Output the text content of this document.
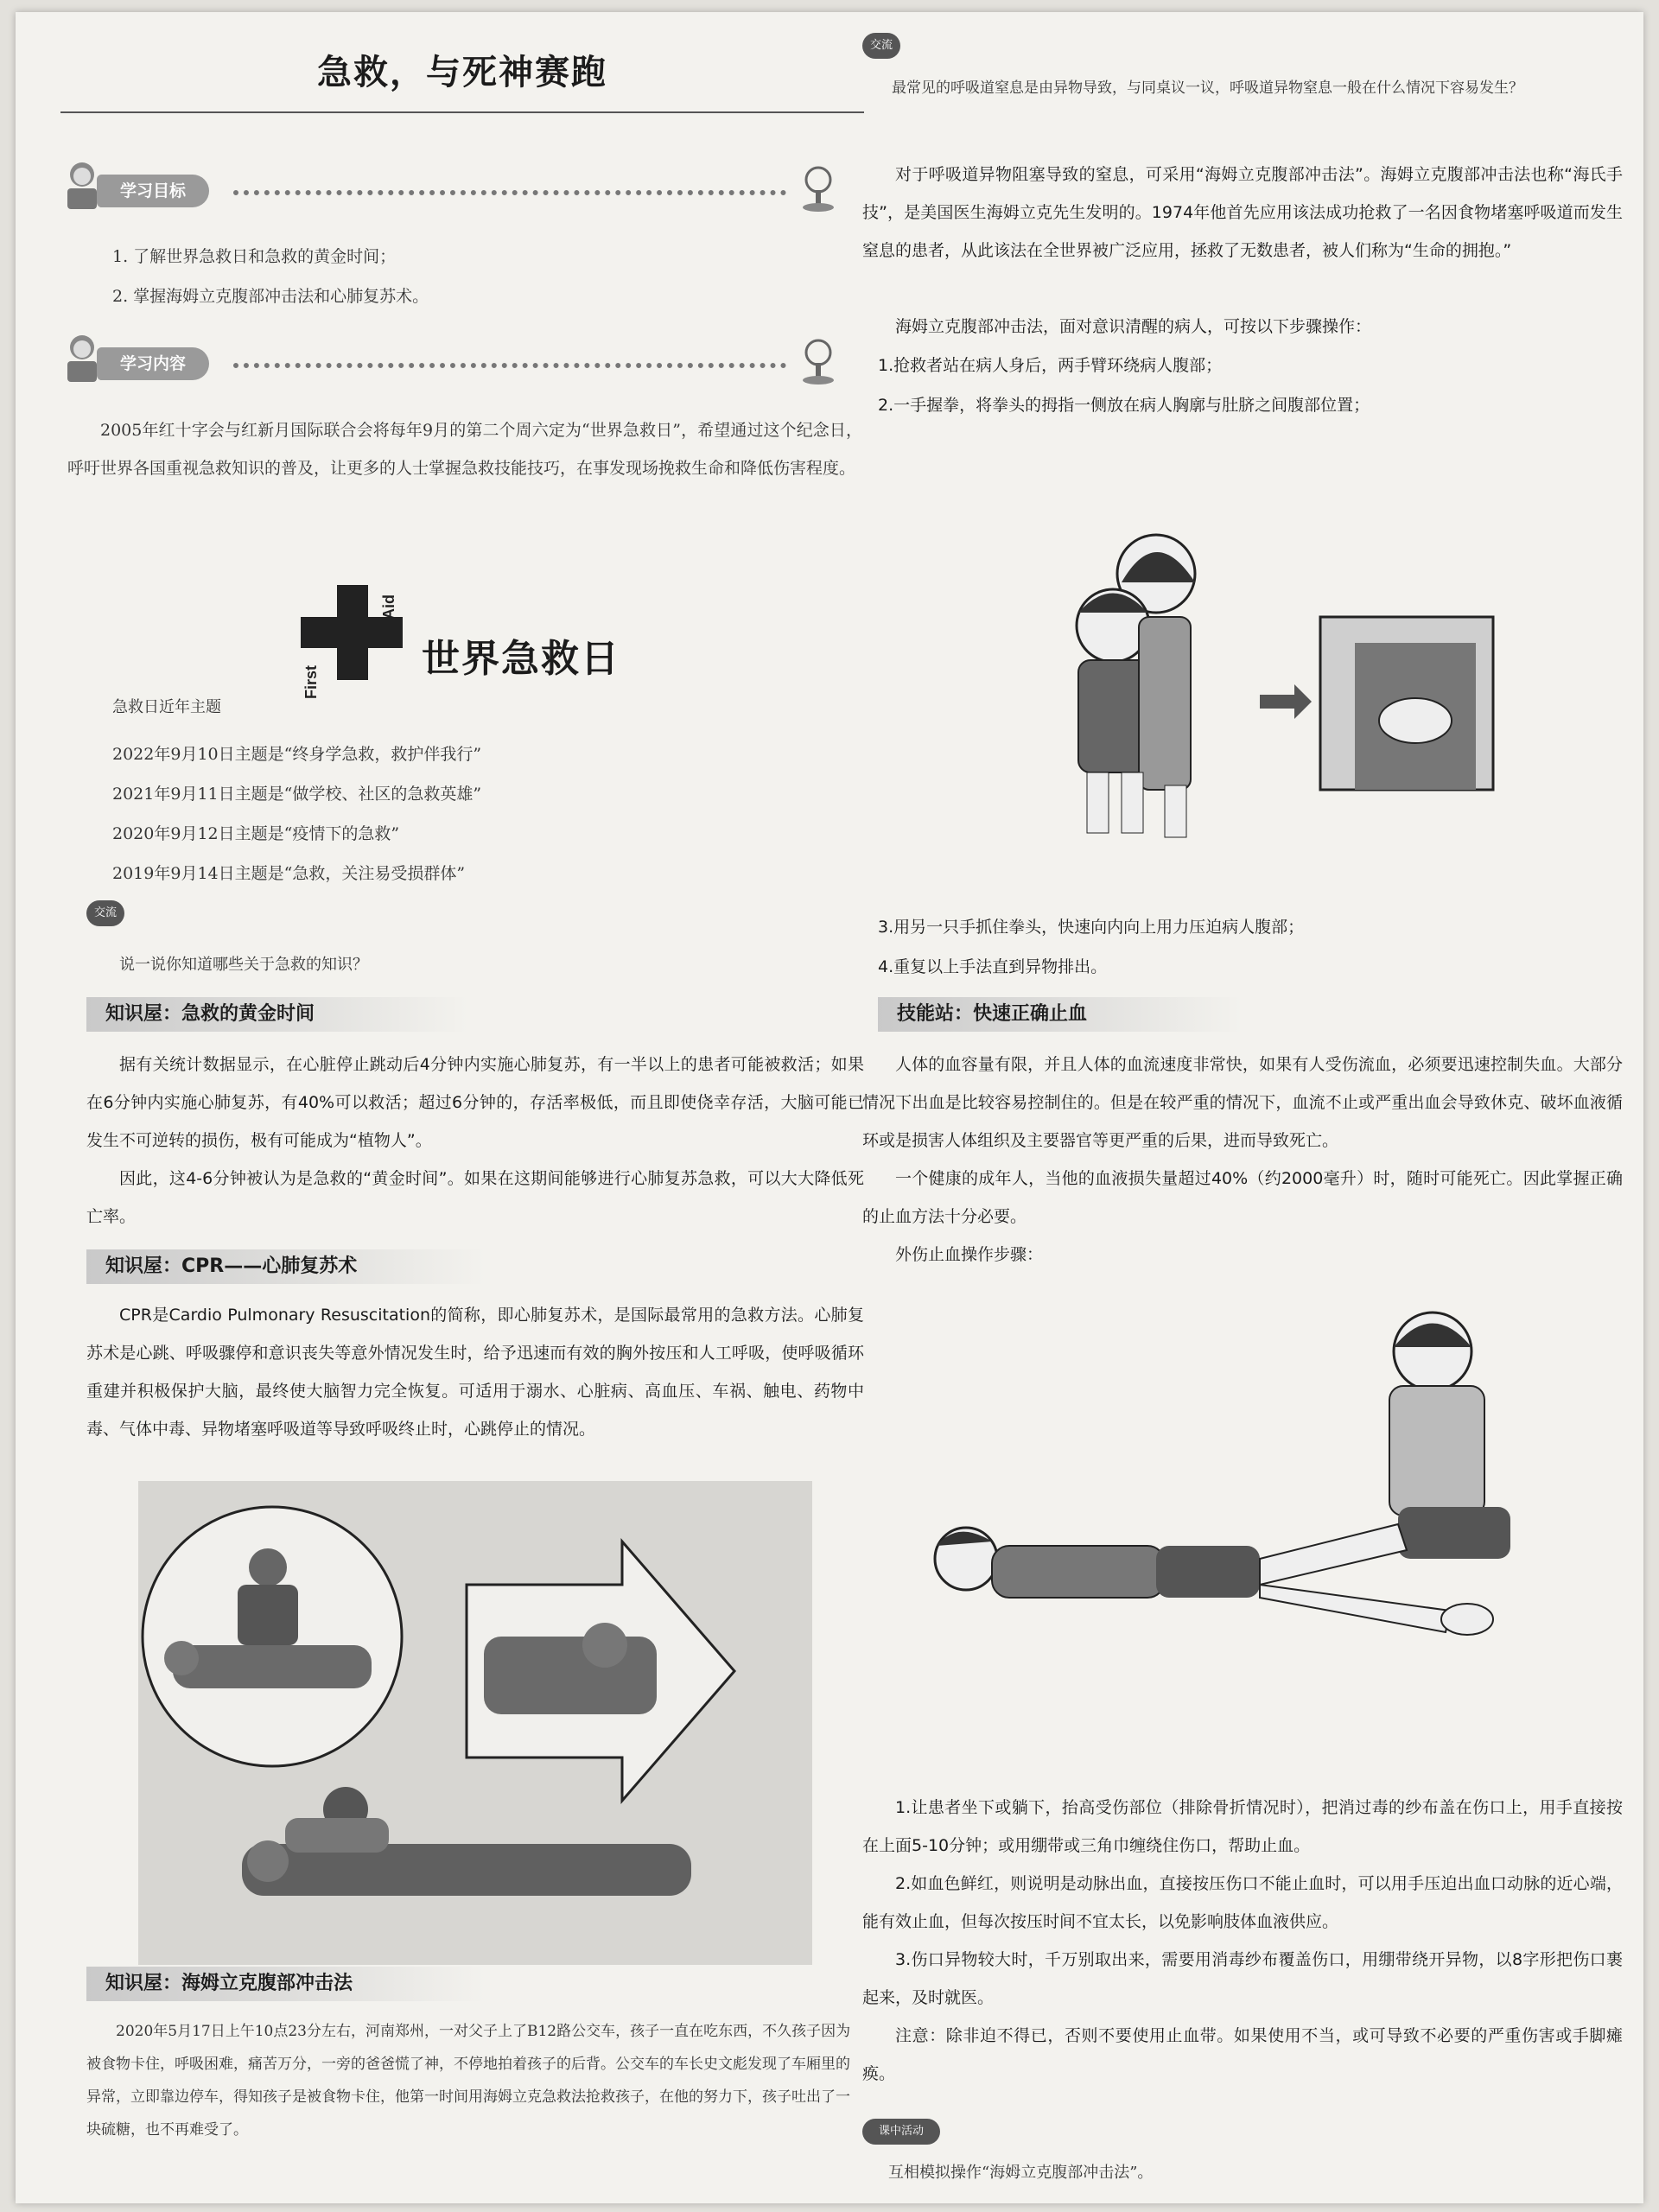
急救，与死神赛跑
学习目标
1. 了解世界急救日和急救的黄金时间；
2. 掌握海姆立克腹部冲击法和心肺复苏术。
学习内容
2005年红十字会与红新月国际联合会将每年9月的第二个周六定为“世界急救日”，希望通过这个纪念日，呼吁世界各国重视急救知识的普及，让更多的人士掌握急救技能技巧，在事发现场挽救生命和降低伤害程度。
First
Aid
世界急救日
急救日近年主题
2022年9月10日主题是“终身学急救，救护伴我行”
2021年9月11日主题是“做学校、社区的急救英雄”
2020年9月12日主题是“疫情下的急救”
2019年9月14日主题是“急救，关注易受损群体”
交流
说一说你知道哪些关于急救的知识？
知识屋：急救的黄金时间
据有关统计数据显示，在心脏停止跳动后4分钟内实施心肺复苏，有一半以上的患者可能被救活；如果在6分钟内实施心肺复苏，有40%可以救活；超过6分钟的，存活率极低，而且即使侥幸存活，大脑可能已发生不可逆转的损伤，极有可能成为“植物人”。
因此，这4-6分钟被认为是急救的“黄金时间”。如果在这期间能够进行心肺复苏急救，可以大大降低死亡率。
知识屋：CPR——心肺复苏术
CPR是Cardio Pulmonary Resuscitation的简称，即心肺复苏术，是国际最常用的急救方法。心肺复苏术是心跳、呼吸骤停和意识丧失等意外情况发生时，给予迅速而有效的胸外按压和人工呼吸，使呼吸循环重建并积极保护大脑，最终使大脑智力完全恢复。可适用于溺水、心脏病、高血压、车祸、触电、药物中毒、气体中毒、异物堵塞呼吸道等导致呼吸终止时，心跳停止的情况。
知识屋：海姆立克腹部冲击法
2020年5月17日上午10点23分左右，河南郑州，一对父子上了B12路公交车，孩子一直在吃东西，不久孩子因为被食物卡住，呼吸困难，痛苦万分，一旁的爸爸慌了神，不停地拍着孩子的后背。公交车的车长史文彪发现了车厢里的异常，立即靠边停车，得知孩子是被食物卡住，他第一时间用海姆立克急救法抢救孩子，在他的努力下，孩子吐出了一块硫糖，也不再难受了。
交流
最常见的呼吸道窒息是由异物导致，与同桌议一议，呼吸道异物窒息一般在什么情况下容易发生？
对于呼吸道异物阻塞导致的窒息，可采用“海姆立克腹部冲击法”。海姆立克腹部冲击法也称“海氏手技”，是美国医生海姆立克先生发明的。1974年他首先应用该法成功抢救了一名因食物堵塞呼吸道而发生窒息的患者，从此该法在全世界被广泛应用，拯救了无数患者，被人们称为“生命的拥抱。”
海姆立克腹部冲击法，面对意识清醒的病人，可按以下步骤操作：
1.抢救者站在病人身后，两手臂环绕病人腹部；
2.一手握拳，将拳头的拇指一侧放在病人胸廓与肚脐之间腹部位置；
3.用另一只手抓住拳头，快速向内向上用力压迫病人腹部；
4.重复以上手法直到异物排出。
技能站：快速正确止血
人体的血容量有限，并且人体的血流速度非常快，如果有人受伤流血，必须要迅速控制失血。大部分情况下出血是比较容易控制住的。但是在较严重的情况下，血流不止或严重出血会导致休克、破坏血液循环或是损害人体组织及主要器官等更严重的后果，进而导致死亡。
一个健康的成年人，当他的血液损失量超过40%（约2000毫升）时，随时可能死亡。因此掌握正确的止血方法十分必要。
外伤止血操作步骤：
1.让患者坐下或躺下，抬高受伤部位（排除骨折情况时），把消过毒的纱布盖在伤口上，用手直接按在上面5-10分钟；或用绷带或三角巾缠绕住伤口，帮助止血。
2.如血色鲜红，则说明是动脉出血，直接按压伤口不能止血时，可以用手压迫出血口动脉的近心端，能有效止血，但每次按压时间不宜太长，以免影响肢体血液供应。
3.伤口异物较大时，千万别取出来，需要用消毒纱布覆盖伤口，用绷带绕开异物，以8字形把伤口裹起来，及时就医。
注意：除非迫不得已，否则不要使用止血带。如果使用不当，或可导致不必要的严重伤害或手脚瘫痪。
课中活动
互相模拟操作“海姆立克腹部冲击法”。
